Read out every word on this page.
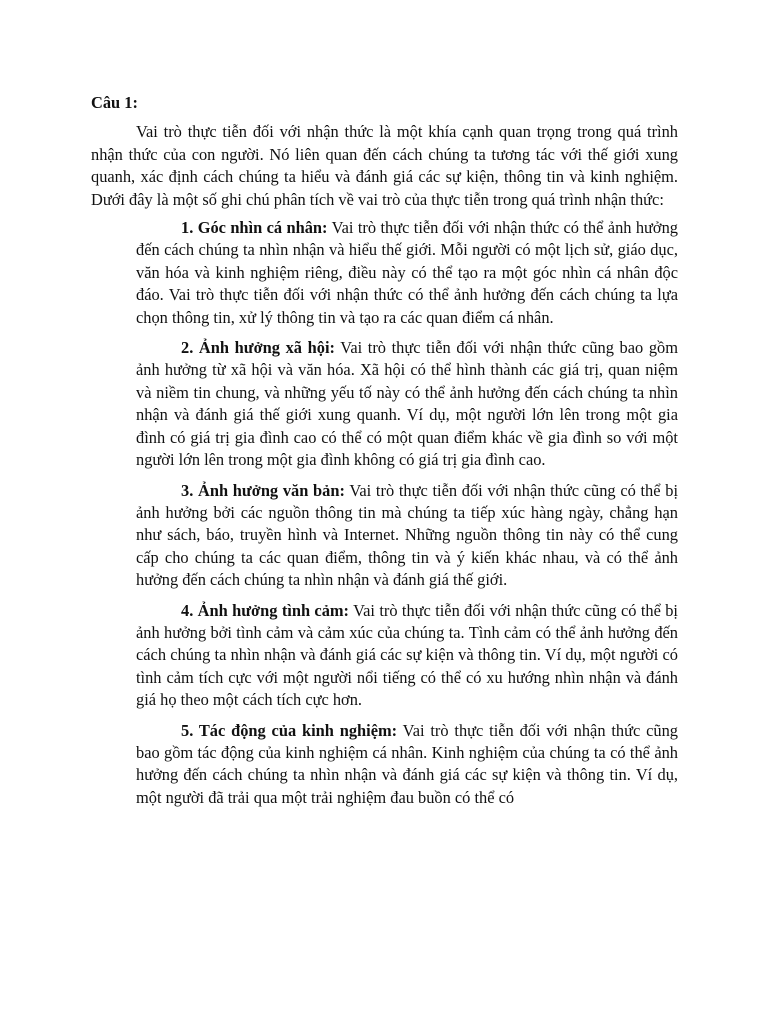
Câu 1:

Vai trò thực tiễn đối với nhận thức là một khía cạnh quan trọng trong quá trình nhận thức của con người. Nó liên quan đến cách chúng ta tương tác với thế giới xung quanh, xác định cách chúng ta hiểu và đánh giá các sự kiện, thông tin và kinh nghiệm. Dưới đây là một số ghi chú phân tích về vai trò của thực tiễn trong quá trình nhận thức:

1. Góc nhìn cá nhân: Vai trò thực tiễn đối với nhận thức có thể ảnh hưởng đến cách chúng ta nhìn nhận và hiểu thế giới. Mỗi người có một lịch sử, giáo dục, văn hóa và kinh nghiệm riêng, điều này có thể tạo ra một góc nhìn cá nhân độc đáo. Vai trò thực tiễn đối với nhận thức có thể ảnh hưởng đến cách chúng ta lựa chọn thông tin, xử lý thông tin và tạo ra các quan điểm cá nhân.
2. Ảnh hưởng xã hội: Vai trò thực tiễn đối với nhận thức cũng bao gồm ảnh hưởng từ xã hội và văn hóa. Xã hội có thể hình thành các giá trị, quan niệm và niềm tin chung, và những yếu tố này có thể ảnh hưởng đến cách chúng ta nhìn nhận và đánh giá thế giới xung quanh. Ví dụ, một người lớn lên trong một gia đình có giá trị gia đình cao có thể có một quan điểm khác về gia đình so với một người lớn lên trong một gia đình không có giá trị gia đình cao.
3. Ảnh hưởng văn bản: Vai trò thực tiễn đối với nhận thức cũng có thể bị ảnh hưởng bởi các nguồn thông tin mà chúng ta tiếp xúc hàng ngày, chẳng hạn như sách, báo, truyền hình và Internet. Những nguồn thông tin này có thể cung cấp cho chúng ta các quan điểm, thông tin và ý kiến khác nhau, và có thể ảnh hưởng đến cách chúng ta nhìn nhận và đánh giá thế giới.
4. Ảnh hưởng tình cảm: Vai trò thực tiễn đối với nhận thức cũng có thể bị ảnh hưởng bởi tình cảm và cảm xúc của chúng ta. Tình cảm có thể ảnh hưởng đến cách chúng ta nhìn nhận và đánh giá các sự kiện và thông tin. Ví dụ, một người có tình cảm tích cực với một người nổi tiếng có thể có xu hướng nhìn nhận và đánh giá họ theo một cách tích cực hơn.
5. Tác động của kinh nghiệm: Vai trò thực tiễn đối với nhận thức cũng bao gồm tác động của kinh nghiệm cá nhân. Kinh nghiệm của chúng ta có thể ảnh hưởng đến cách chúng ta nhìn nhận và đánh giá các sự kiện và thông tin. Ví dụ, một người đã trải qua một trải nghiệm đau buồn có thể có
